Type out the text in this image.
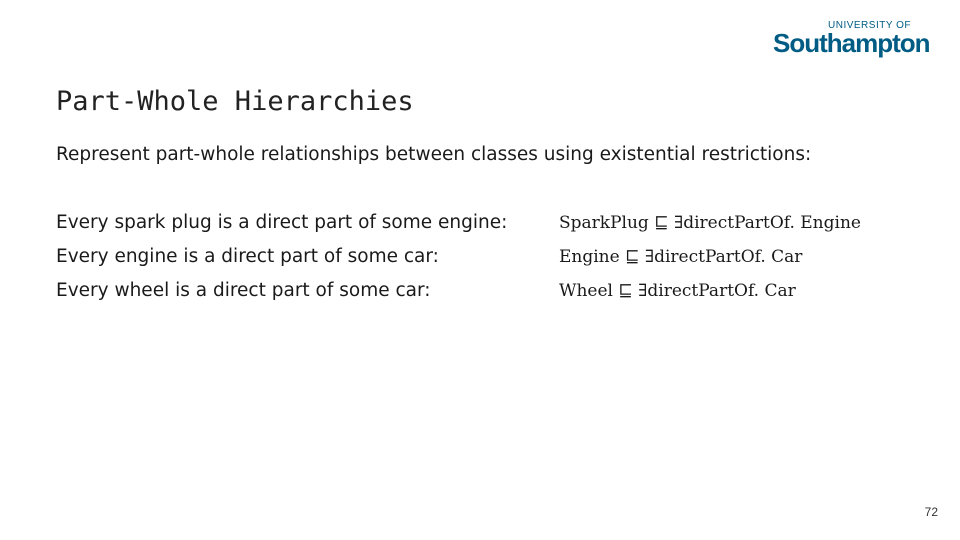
UNIVERSITY OF
Southampton
Part-Whole Hierarchies
Represent part-whole relationships between classes using existential restrictions:
Every spark plug is a direct part of some engine:	SparkPlug ⊑ ∃directPartOf. Engine
Every engine is a direct part of some car:	Engine ⊑ ∃directPartOf. Car
Every wheel is a direct part of some car:	Wheel ⊑ ∃directPartOf. Car
72
